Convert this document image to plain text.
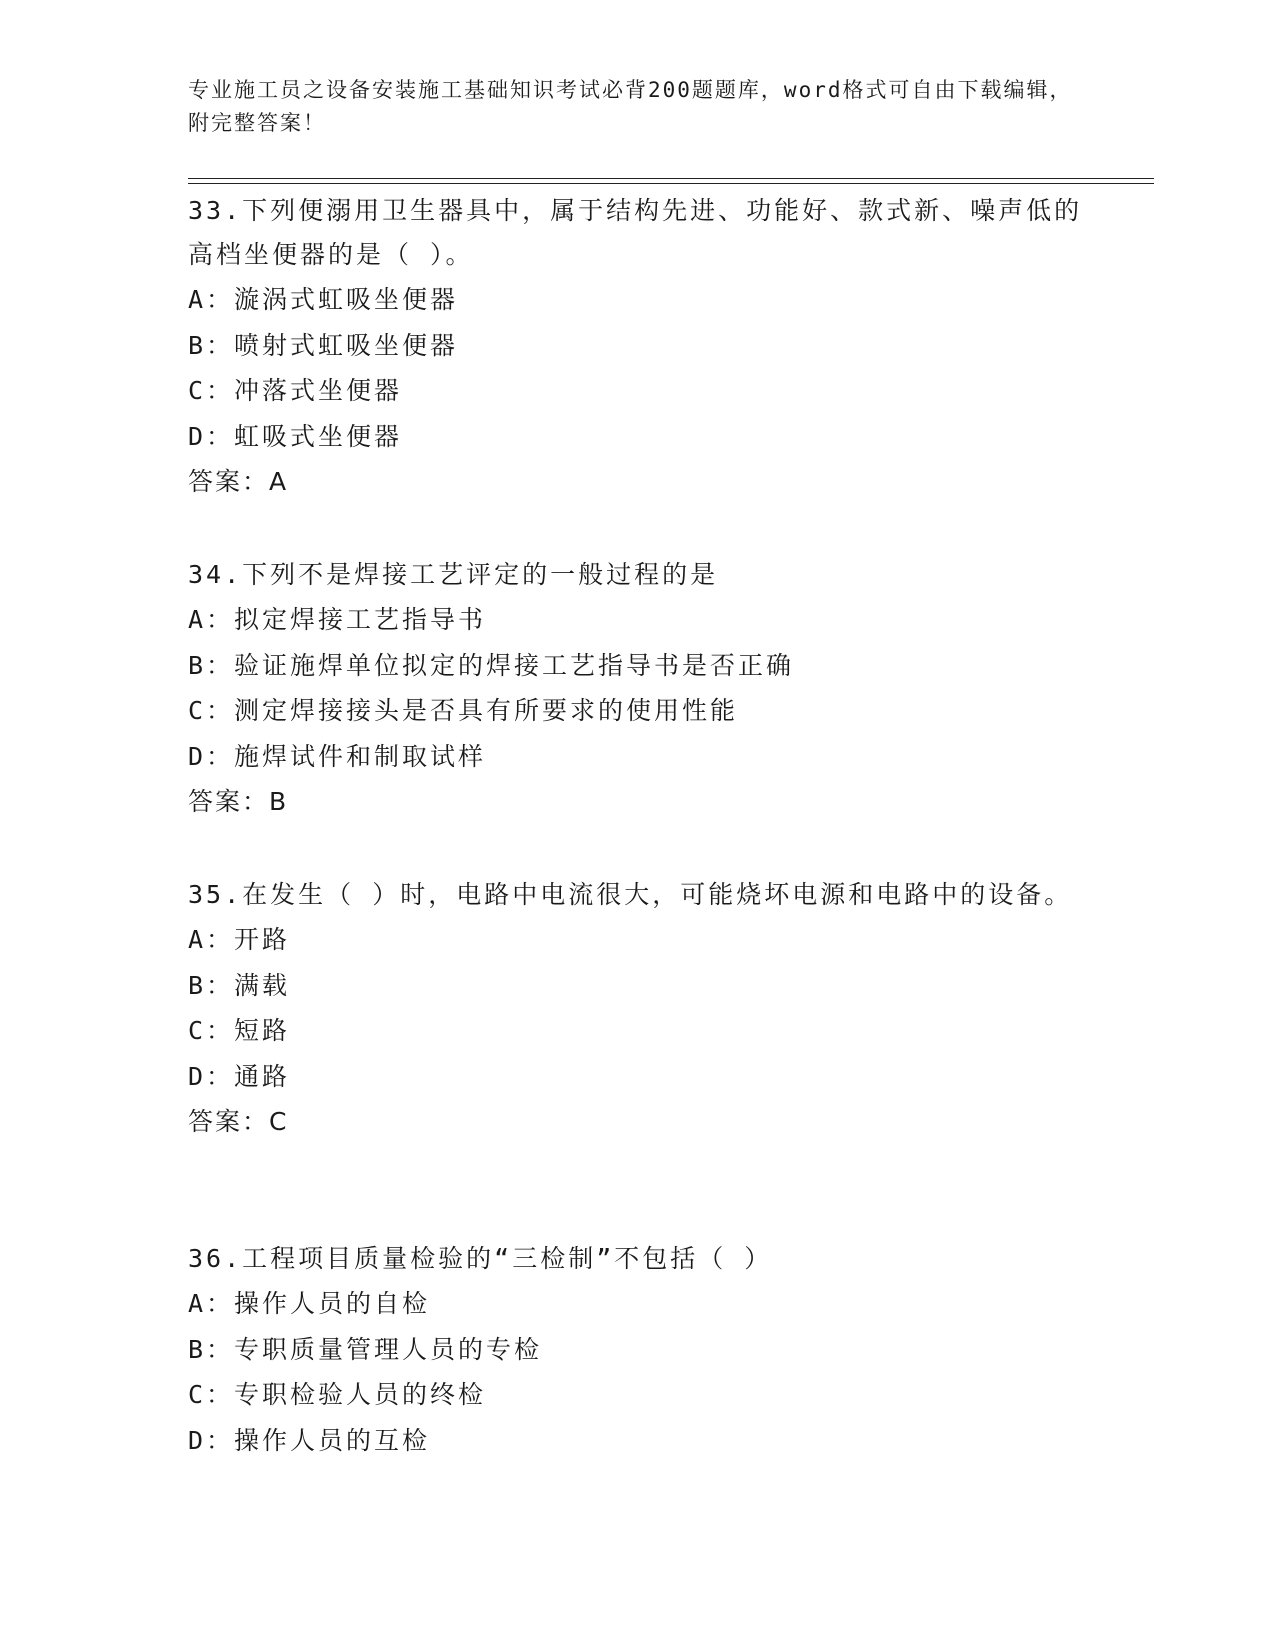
专业施工员之设备安装施工基础知识考试必背200题题库，word格式可自由下载编辑，附完整答案！
33.下列便溺用卫生器具中，属于结构先进、功能好、款式新、噪声低的高档坐便器的是（ ）。
A：漩涡式虹吸坐便器
B：喷射式虹吸坐便器
C：冲落式坐便器
D：虹吸式坐便器
答案：A
34.下列不是焊接工艺评定的一般过程的是
A：拟定焊接工艺指导书
B：验证施焊单位拟定的焊接工艺指导书是否正确
C：测定焊接接头是否具有所要求的使用性能
D：施焊试件和制取试样
答案：B
35.在发生（ ）时，电路中电流很大，可能烧坏电源和电路中的设备。
A：开路
B：满载
C：短路
D：通路
答案：C
36.工程项目质量检验的“三检制”不包括（ ）
A：操作人员的自检
B：专职质量管理人员的专检
C：专职检验人员的终检
D：操作人员的互检
